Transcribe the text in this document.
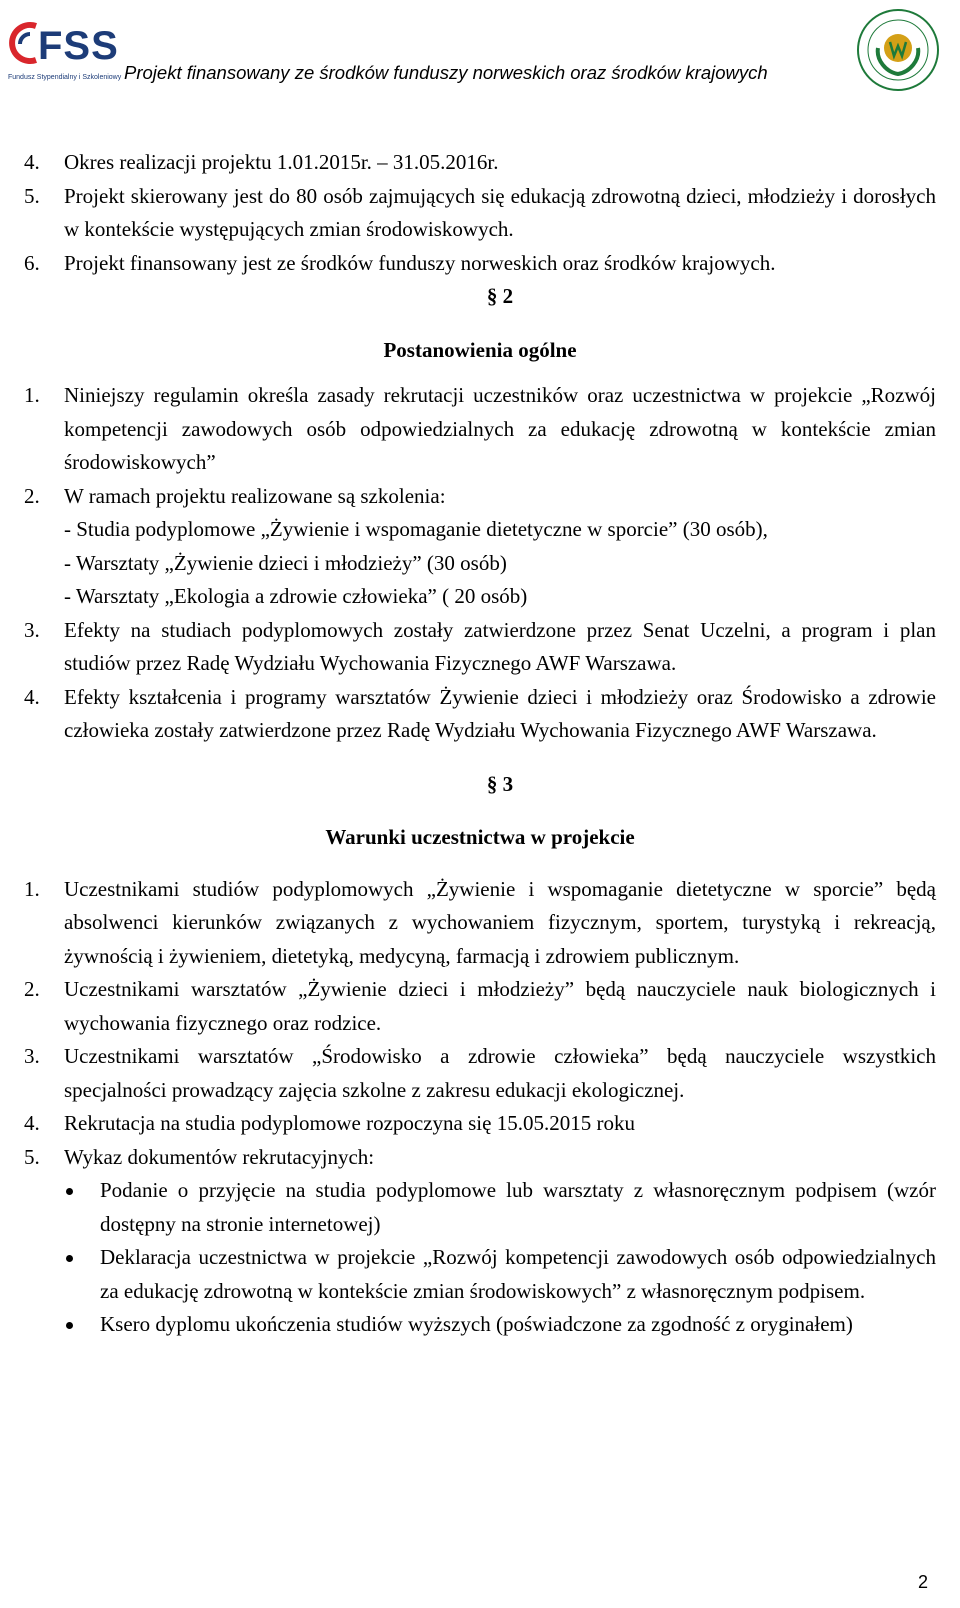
FSS
Fundusz Stypendialny i Szkoleniowy Projekt finansowany ze środków funduszy norweskich oraz środków krajowych
4. Okres realizacji projektu 1.01.2015r. – 31.05.2016r.
5. Projekt skierowany jest do 80 osób zajmujących się edukacją zdrowotną dzieci, młodzieży i dorosłych w kontekście występujących zmian środowiskowych.
6. Projekt finansowany jest ze środków funduszy norweskich oraz środków krajowych.
§ 2
Postanowienia ogólne
1. Niniejszy regulamin określa zasady rekrutacji uczestników oraz uczestnictwa w projekcie „Rozwój kompetencji zawodowych osób odpowiedzialnych za edukację zdrowotną w kontekście zmian środowiskowych”
2. W ramach projektu realizowane są szkolenia:
- Studia podyplomowe „Żywienie i wspomaganie dietetyczne w sporcie” (30 osób),
- Warsztaty „Żywienie dzieci i młodzieży” (30 osób)
- Warsztaty „Ekologia a zdrowie człowieka” ( 20 osób)
3. Efekty na studiach podyplomowych zostały zatwierdzone przez Senat Uczelni, a program i plan studiów przez Radę Wydziału Wychowania Fizycznego AWF Warszawa.
4. Efekty kształcenia i programy warsztatów Żywienie dzieci i młodzieży oraz Środowisko a zdrowie człowieka zostały zatwierdzone przez Radę Wydziału Wychowania Fizycznego AWF Warszawa.
§ 3
Warunki uczestnictwa w projekcie
1. Uczestnikami studiów podyplomowych „Żywienie i wspomaganie dietetyczne w sporcie” będą absolwenci kierunków związanych z wychowaniem fizycznym, sportem, turystyką i rekreacją, żywnością i żywieniem, dietetyką, medycyną, farmacją i zdrowiem publicznym.
2. Uczestnikami warsztatów „Żywienie dzieci i młodzieży” będą nauczyciele nauk biologicznych i wychowania fizycznego oraz rodzice.
3. Uczestnikami warsztatów „Środowisko a zdrowie człowieka” będą nauczyciele wszystkich specjalności prowadzący zajęcia szkolne z zakresu edukacji ekologicznej.
4. Rekrutacja na studia podyplomowe rozpoczyna się 15.05.2015 roku
5. Wykaz dokumentów rekrutacyjnych:
Podanie o przyjęcie na studia podyplomowe lub warsztaty z własnoręcznym podpisem (wzór dostępny na stronie internetowej)
Deklaracja uczestnictwa w projekcie „Rozwój kompetencji zawodowych osób odpowiedzialnych za edukację zdrowotną w kontekście zmian środowiskowych” z własnoręcznym podpisem.
Ksero dyplomu ukończenia studiów wyższych (poświadczone za zgodność z oryginałem)
2
